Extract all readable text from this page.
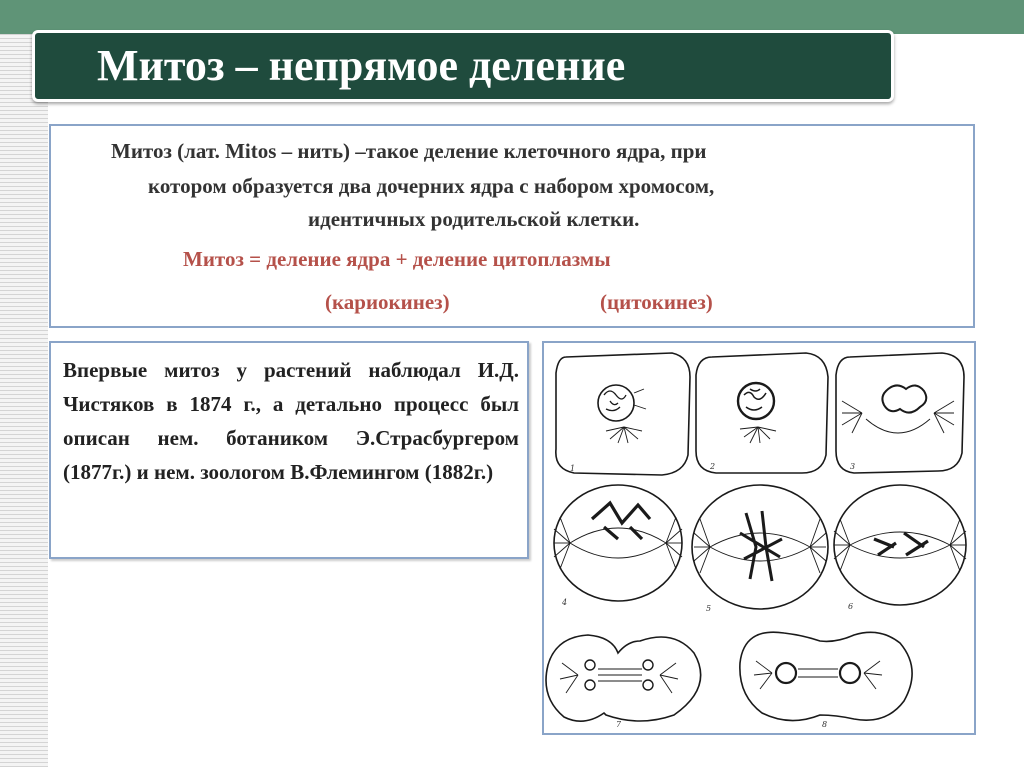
Митоз – непрямое деление
Митоз (лат. Mitos – нить) –такое деление клеточного ядра, при
котором образуется два дочерних ядра с набором хромосом,
идентичных родительской клетки.
Митоз = деление ядра + деление цитоплазмы
(кариокинез)	(цитокинез)
Впервые митоз у растений наблюдал И.Д. Чистяков в 1874 г., а детально процесс был описан нем. ботаником Э.Страсбургером (1877г.) и нем. зоологом В.Флемингом (1882г.)	1	2	3
4
5	6
7	8
